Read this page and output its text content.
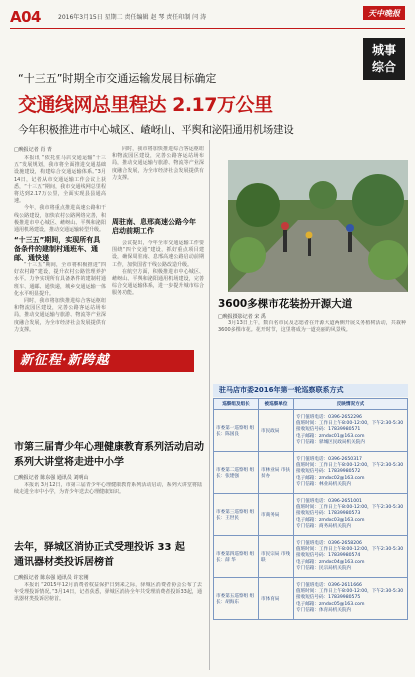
A04	2016年3月15日 星期二 责任编辑 赵 琴 责任印制 闫 涛	天中晚报
城事
综合
“十三五”时期全市交通运输发展目标确定
交通线网总里程达 2.17万公里
今年积极推进市中心城区、嵖岈山、平舆和泌阳通用机场建设
□晚报记者 肖 青

本报讯 “依托驻马店交通运输“十三五”发展规划，我市将全面推进交通基础设施建设，构建综合交通运输体系。”3月14日，记者从市交通运输工作会议上获悉，“十三五”期间，我市交通线网总里程将达到2.17万公里，全面实现县县通高速。

今年，我市将重点推进高速公路和干线公路建设，加快农村公路网络完善，积极推进市中心城区、嵖岈山、平舆和泌阳通用机场建设，推动交通运输转型升级。

“十三五”期间，实现所有具备条件的建制村通班车、通邮、通快递

“十三五”期间，全市将积极推进“四好农村路”建设，提升农村公路管理养护水平。力争实现所有具备条件的建制村通班车、通邮、通快递，城乡交通运输一体化水平明显提升。

同时，我市将加快推进综合客运枢纽和物流园区建设，完善公路客运站场布局，推动交通运输与旅游、物流等产业深度融合发展，为全市经济社会发展提供有力支撑。

同时，我市将加快推进综合客运枢纽和物流园区建设，完善公路客运站场布局，推动交通运输与旅游、物流等产业深度融合发展，为全市经济社会发展提供有力支撑。

周驻南、息邢高速公路今年启动前期工作

会议提出，今年全市交通运输工作要围绕“四个交通”建设，抓好重点项目建设，确保周驻南、息邢高速公路启动前期工作，加快国省干线公路改造升级。

在航空方面，积极推进市中心城区、嵖岈山、平舆和泌阳通用机场建设，完善综合交通运输体系，进一步提升城市综合服务功能。

3600多棵市花装扮开源大道
□晚报摄影记者 宋 禹

3月13日上午，数百名市民及志愿者在开源大道两侧开展义务植树活动，共栽种3600多棵市花。花开时节，这里将成为一道亮丽的风景线。

新征程·新跨越
市第三届青少年心理健康教育系列活动启动
系列大讲堂将走进中小学
□晚报记者 陈东强 通讯员 刘明山

本报讯 3月12日，市第三届青少年心理健康教育系列活动启动，系列大讲堂将陆续走进全市中小学，为青少年送去心理健康知识。

去年，驿城区消协正式受理投诉 33 起
通讯器材类投诉居榜首
□晚报记者 陈东强 通讯员 许宏刚

本报讯 “2015年12月消费者权益保护日到来之际，驿城区消费者协会公布了去年受理投诉情况。”3月14日，记者获悉，驿城区消协全年共受理消费者投诉33起，通讯器材类投诉居榜首。

驻马店市委2016年第一轮巡察联系方式
巡察组及组长	被巡察单位	反映情况方式
市委第一巡察组 组长：陈国良	市民政局	专门值班电话：0396-2652296
值班时间：工作日上午8:00-12:00，下午2:30-5:30
接收短信号码：17839980571
电子邮箱：zmdxc01@163.com
专门信箱：驿城区民政局机关院内

市委第二巡察组 组长：张建强	市林业局 市扶贫办	专门值班电话：0396-2650317
值班时间：工作日上午8:00-12:00，下午2:30-5:30
接收短信号码：17839980572
电子邮箱：zmdxc02@163.com
专门信箱：林业局机关院内

市委第三巡察组 组长：王世民	市商务局	专门值班电话：0396-2651001
值班时间：工作日上午8:00-12:00，下午2:30-5:30
接收短信号码：17839980573
电子邮箱：zmdxc03@163.com
专门信箱：商务局机关院内

市委第四巡察组 组长：薛 华	市民宗局 市残联	专门值班电话：0396-2658206
值班时间：工作日上午8:00-12:00，下午2:30-5:30
接收短信号码：17839980574
电子邮箱：zmdxc04@163.com
专门信箱：民宗局机关院内

市委第五巡察组 组长：胡海东	市体育局	专门值班电话：0396-2611666
值班时间：工作日上午8:00-12:00，下午2:30-5:30
接收短信号码：17839980575
电子邮箱：zmdxc05@163.com
专门信箱：体育局机关院内
